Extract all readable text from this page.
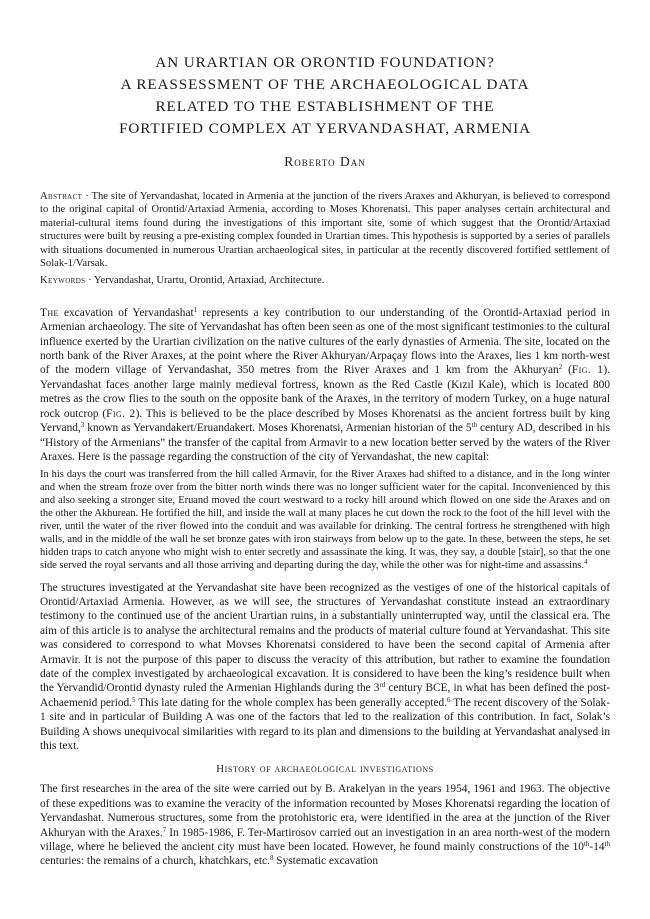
AN URARTIAN OR ORONTID FOUNDATION?

A REASSESSMENT OF THE ARCHAEOLOGICAL DATA

RELATED TO THE ESTABLISHMENT OF THE

FORTIFIED COMPLEX AT YERVANDASHAT, ARMENIA

Roberto Dan

Abstract · The site of Yervandashat, located in Armenia at the junction of the rivers Araxes and Akhuryan, is believed to correspond to the original capital of Orontid/Artaxiad Armenia, according to Moses Khorenatsi. This paper analyses certain architectural and material-cultural items found during the investigations of this important site, some of which suggest that the Orontid/Artaxiad structures were built by reusing a pre-existing complex founded in Urartian times. This hypothesis is supported by a series of parallels with situations documented in numerous Urartian archaeological sites, in particular at the recently discovered fortified settlement of Solak-1/Varsak.

Keywords · Yervandashat, Urartu, Orontid, Artaxiad, Architecture.

The excavation of Yervandashat$^1$ represents a key contribution to our understanding of the Orontid-Artaxiad period in Armenian archaeology. The site of Yervandashat has often been seen as one of the most significant testimonies to the cultural influence exerted by the Urartian civilization on the native cultures of the early dynasties of Armenia. The site, located on the north bank of the River Araxes, at the point where the River Akhuryan/Arpaçay flows into the Araxes, lies 1 km north-west of the modern village of Yervandashat, 350 metres from the River Araxes and 1 km from the Akhuryan$^2$ (Fig. 1). Yervandashat faces another large mainly medieval fortress, known as the Red Castle (Kızıl Kale), which is located 800 metres as the crow flies to the south on the opposite bank of the Araxes, in the territory of modern Turkey, on a huge natural rock outcrop (Fig. 2). This is believed to be the place described by Moses Khorenatsi as the ancient fortress built by king Yervand,$^3$ known as Yervandakert/Eruandakert. Moses Khorenatsi, Armenian historian of the 5th century AD, described in his “History of the Armenians” the transfer of the capital from Armavir to a new location better served by the waters of the River Araxes. Here is the passage regarding the construction of the city of Yervandashat, the new capital:

In his days the court was transferred from the hill called Armavir, for the River Araxes had shifted to a distance, and in the long winter and when the stream froze over from the bitter north winds there was no longer sufficient water for the capital. Inconvenienced by this and also seeking a stronger site, Eruand moved the court westward to a rocky hill around which flowed on one side the Araxes and on the other the Akhurean. He fortified the hill, and inside the wall at many places he cut down the rock to the foot of the hill level with the river, until the water of the river flowed into the conduit and was available for drinking. The central fortress he strengthened with high walls, and in the middle of the wall he set bronze gates with iron stairways from below up to the gate. In these, between the steps, he set hidden traps to catch anyone who might wish to enter secretly and assassinate the king. It was, they say, a double [stair], so that the one side served the royal servants and all those arriving and departing during the day, while the other was for night-time and assassins.$^4$

The structures investigated at the Yervandashat site have been recognized as the vestiges of one of the historical capitals of Orontid/Artaxiad Armenia. However, as we will see, the structures of Yervandashat constitute instead an extraordinary testimony to the continued use of the ancient Urartian ruins, in a substantially uninterrupted way, until the classical era. The aim of this article is to analyse the architectural remains and the products of material culture found at Yervandashat. This site was considered to correspond to what Movses Khorenatsi considered to have been the second capital of Armenia after Armavir. It is not the purpose of this paper to discuss the veracity of this attribution, but rather to examine the foundation date of the complex investigated by archaeological excavation. It is considered to have been the king’s residence built when the Yervandid/Orontid dynasty ruled the Armenian Highlands during the 3rd century BCE, in what has been defined the post-Achaemenid period.$^5$ This late dating for the whole complex has been generally accepted.$^6$ The recent discovery of the Solak-1 site and in particular of Building A was one of the factors that led to the realization of this contribution. In fact, Solak’s Building A shows unequivocal similarities with regard to its plan and dimensions to the building at Yervandashat analysed in this text.

History of archaeological investigations

The first researches in the area of the site were carried out by B. Arakelyan in the years 1954, 1961 and 1963. The objective of these expeditions was to examine the veracity of the information recounted by Moses Khorenatsi regarding the location of Yervandashat. Numerous structures, some from the protohistoric era, were identified in the area at the junction of the River Akhuryan with the Araxes.$^7$ In 1985-1986, F. Ter-Martirosov carried out an investigation in an area north-west of the modern village, where he believed the ancient city must have been located. However, he found mainly constructions of the 10th-14th centuries: the remains of a church, khatchkars, etc.$^8$ Systematic excavation
